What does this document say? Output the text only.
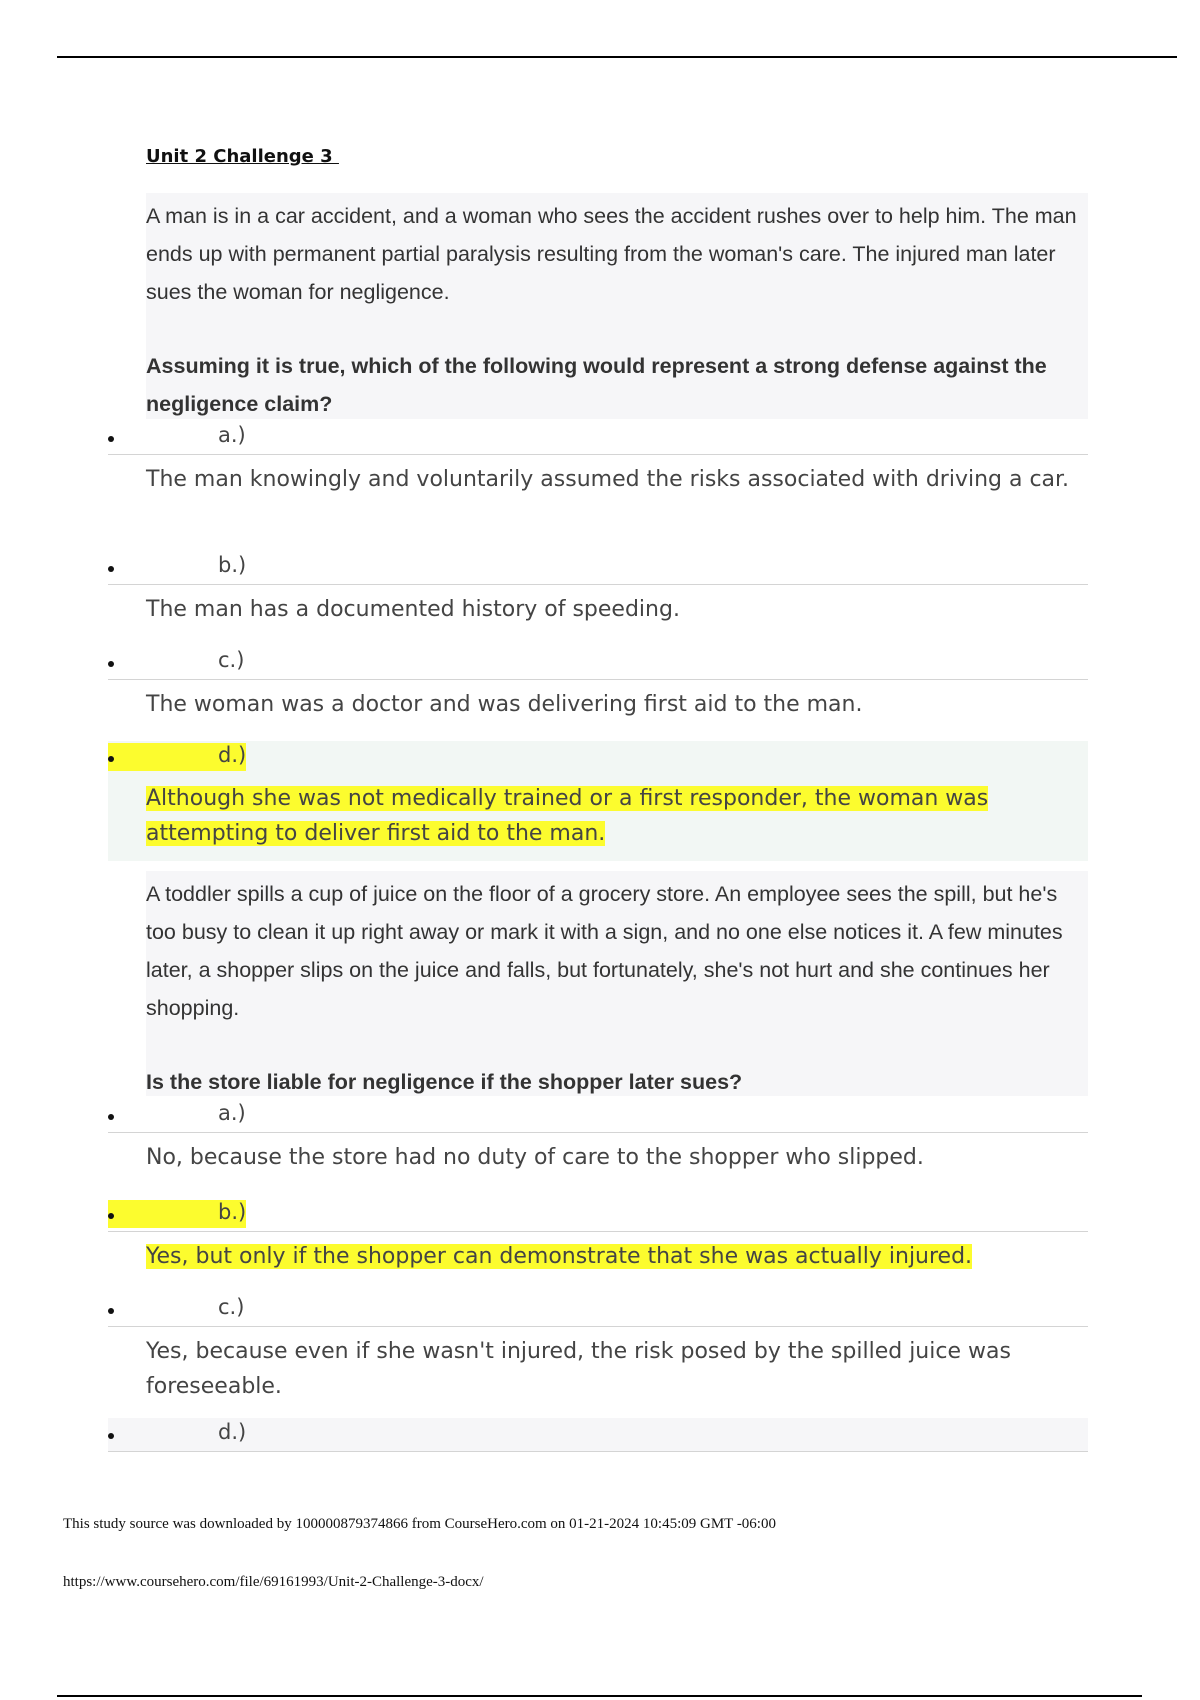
Unit 2 Challenge 3

A man is in a car accident, and a woman who sees the accident rushes over to help him. The man ends up with permanent partial paralysis resulting from the woman's care. The injured man later sues the woman for negligence.

Assuming it is true, which of the following would represent a strong defense against the negligence claim?

a.)

The man knowingly and voluntarily assumed the risks associated with driving a car.

b.)

The man has a documented history of speeding.

c.)

The woman was a doctor and was delivering first aid to the man.

d.)

Although she was not medically trained or a first responder, the woman was attempting to deliver first aid to the man.

A toddler spills a cup of juice on the floor of a grocery store. An employee sees the spill, but he's too busy to clean it up right away or mark it with a sign, and no one else notices it. A few minutes later, a shopper slips on the juice and falls, but fortunately, she's not hurt and she continues her shopping.

Is the store liable for negligence if the shopper later sues?

a.)

No, because the store had no duty of care to the shopper who slipped.

b.)

Yes, but only if the shopper can demonstrate that she was actually injured.

c.)

Yes, because even if she wasn't injured, the risk posed by the spilled juice was foreseeable.

d.)
This study source was downloaded by 100000879374866 from CourseHero.com on 01-21-2024 10:45:09 GMT -06:00
https://www.coursehero.com/file/69161993/Unit-2-Challenge-3-docx/
